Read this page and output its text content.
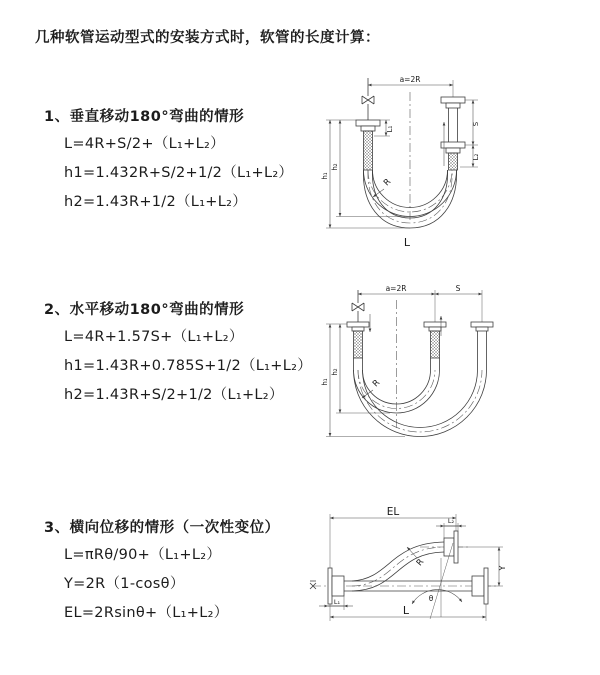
几种软管运动型式的安装方式时，软管的长度计算：
1、垂直移动180°弯曲的情形
L=4R+S/2+（L₁+L₂）
h1=1.432R+S/2+1/2（L₁+L₂）
h2=1.43R+1/2（L₁+L₂）
2、水平移动180°弯曲的情形
L=4R+1.57S+（L₁+L₂）
h1=1.43R+0.785S+1/2（L₁+L₂）
h2=1.43R+S/2+1/2（L₁+L₂）
3、横向位移的情形（一次性变位）
L=πRθ/90+（L₁+L₂）
Y=2R（1-cosθ）
EL=2Rsinθ+（L₁+L₂）
a=2R
S
L₂
L₁
h₁
h₂
R
L
a=2R	S
h₁
h₂
R
θ
R
EL
L₂
Y
L₁
L
